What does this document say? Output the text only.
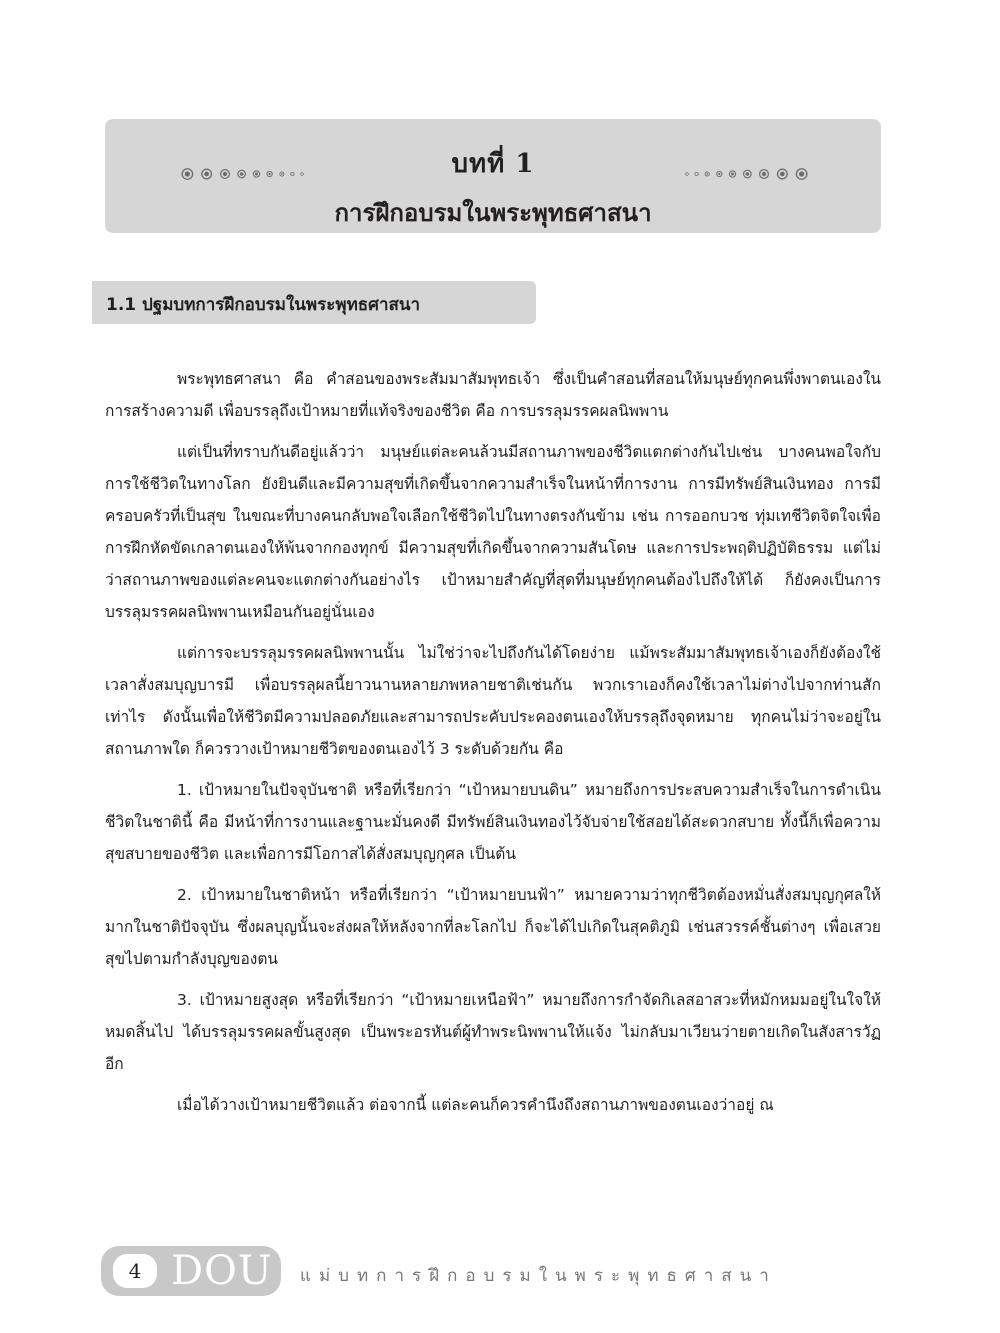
บทที่ 1
การฝึกอบรมในพระพุทธศาสนา
1.1 ปฐมบทการฝึกอบรมในพระพุทธศาสนา

พระพุทธศาสนา คือ คำสอนของพระสัมมาสัมพุทธเจ้า ซึ่งเป็นคำสอนที่สอนให้มนุษย์ทุกคนพึ่งพาตนเองในการสร้างความดี เพื่อบรรลุถึงเป้าหมายที่แท้จริงของชีวิต คือ การบรรลุมรรคผลนิพพาน

แต่เป็นที่ทราบกันดีอยู่แล้วว่า มนุษย์แต่ละคนล้วนมีสถานภาพของชีวิตแตกต่างกันไปเช่น บางคนพอใจกับการใช้ชีวิตในทางโลก ยังยินดีและมีความสุขที่เกิดขึ้นจากความสำเร็จในหน้าที่การงาน การมีทรัพย์สินเงินทอง การมีครอบครัวที่เป็นสุข ในขณะที่บางคนกลับพอใจเลือกใช้ชีวิตไปในทางตรงกันข้าม เช่น การออกบวช ทุ่มเทชีวิตจิตใจเพื่อการฝึกหัดขัดเกลาตนเองให้พ้นจากกองทุกข์ มีความสุขที่เกิดขึ้นจากความสันโดษ และการประพฤติปฏิบัติธรรม แต่ไม่ว่าสถานภาพของแต่ละคนจะแตกต่างกันอย่างไร เป้าหมายสำคัญที่สุดที่มนุษย์ทุกคนต้องไปถึงให้ได้ ก็ยังคงเป็นการบรรลุมรรคผลนิพพานเหมือนกันอยู่นั่นเอง

แต่การจะบรรลุมรรคผลนิพพานนั้น ไม่ใช่ว่าจะไปถึงกันได้โดยง่าย แม้พระสัมมาสัมพุทธเจ้าเองก็ยังต้องใช้เวลาสั่งสมบุญบารมี เพื่อบรรลุผลนี้ยาวนานหลายภพหลายชาติเช่นกัน พวกเราเองก็คงใช้เวลาไม่ต่างไปจากท่านสักเท่าไร ดังนั้นเพื่อให้ชีวิตมีความปลอดภัยและสามารถประคับประคองตนเองให้บรรลุถึงจุดหมาย ทุกคนไม่ว่าจะอยู่ในสถานภาพใด ก็ควรวางเป้าหมายชีวิตของตนเองไว้ 3 ระดับด้วยกัน คือ

1. เป้าหมายในปัจจุบันชาติ หรือที่เรียกว่า “เป้าหมายบนดิน” หมายถึงการประสบความสำเร็จในการดำเนินชีวิตในชาตินี้ คือ มีหน้าที่การงานและฐานะมั่นคงดี มีทรัพย์สินเงินทองไว้จับจ่ายใช้สอยได้สะดวกสบาย ทั้งนี้ก็เพื่อความสุขสบายของชีวิต และเพื่อการมีโอกาสได้สั่งสมบุญกุศล เป็นต้น

2. เป้าหมายในชาติหน้า หรือที่เรียกว่า “เป้าหมายบนฟ้า” หมายความว่าทุกชีวิตต้องหมั่นสั่งสมบุญกุศลให้มากในชาติปัจจุบัน ซึ่งผลบุญนั้นจะส่งผลให้หลังจากที่ละโลกไป ก็จะได้ไปเกิดในสุคติภูมิ เช่นสวรรค์ชั้นต่างๆ เพื่อเสวยสุขไปตามกำลังบุญของตน

3. เป้าหมายสูงสุด หรือที่เรียกว่า “เป้าหมายเหนือฟ้า” หมายถึงการกำจัดกิเลสอาสวะที่หมักหมมอยู่ในใจให้หมดสิ้นไป ได้บรรลุมรรคผลขั้นสูงสุด เป็นพระอรหันต์ผู้ทำพระนิพพานให้แจ้ง ไม่กลับมาเวียนว่ายตายเกิดในสังสารวัฏอีก

เมื่อได้วางเป้าหมายชีวิตแล้ว ต่อจากนี้ แต่ละคนก็ควรคำนึงถึงสถานภาพของตนเองว่าอยู่ ณ

4 DOU แม่บทการฝึกอบรมในพระพุทธศาสนา
